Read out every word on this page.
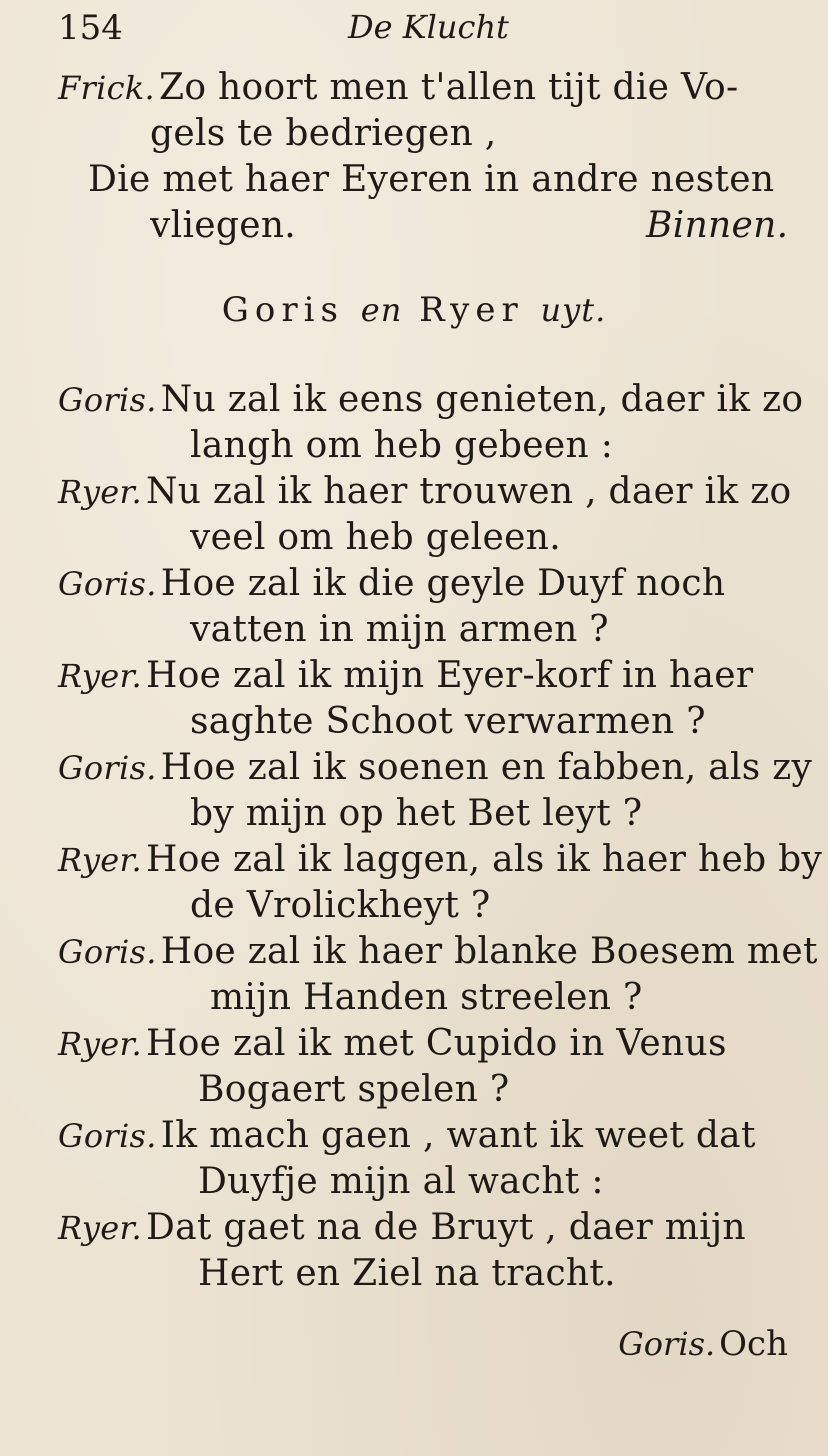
154	De Klucht
Frick. Zo hoort men t'allen tijt die Vo-
gels te bedriegen ,
Die met haer Eyeren in andre nesten
vliegen.	Binnen.
Goris en Ryer uyt.
Goris. Nu zal ik eens genieten, daer ik zo
langh om heb gebeen :
Ryer. Nu zal ik haer trouwen , daer ik zo
veel om heb geleen.
Goris. Hoe zal ik die geyle Duyf noch
vatten in mijn armen ?
Ryer. Hoe zal ik mijn Eyer-korf in haer
saghte Schoot verwarmen ?
Goris. Hoe zal ik soenen en fabben, als zy
by mijn op het Bet leyt ?
Ryer. Hoe zal ik laggen, als ik haer heb by
de Vrolickheyt ?
Goris. Hoe zal ik haer blanke Boesem met
mijn Handen streelen ?
Ryer. Hoe zal ik met Cupido in Venus
Bogaert spelen ?
Goris. Ik mach gaen , want ik weet dat
Duyfje mijn al wacht :
Ryer. Dat gaet na de Bruyt , daer mijn
Hert en Ziel na tracht.
Goris. Och
